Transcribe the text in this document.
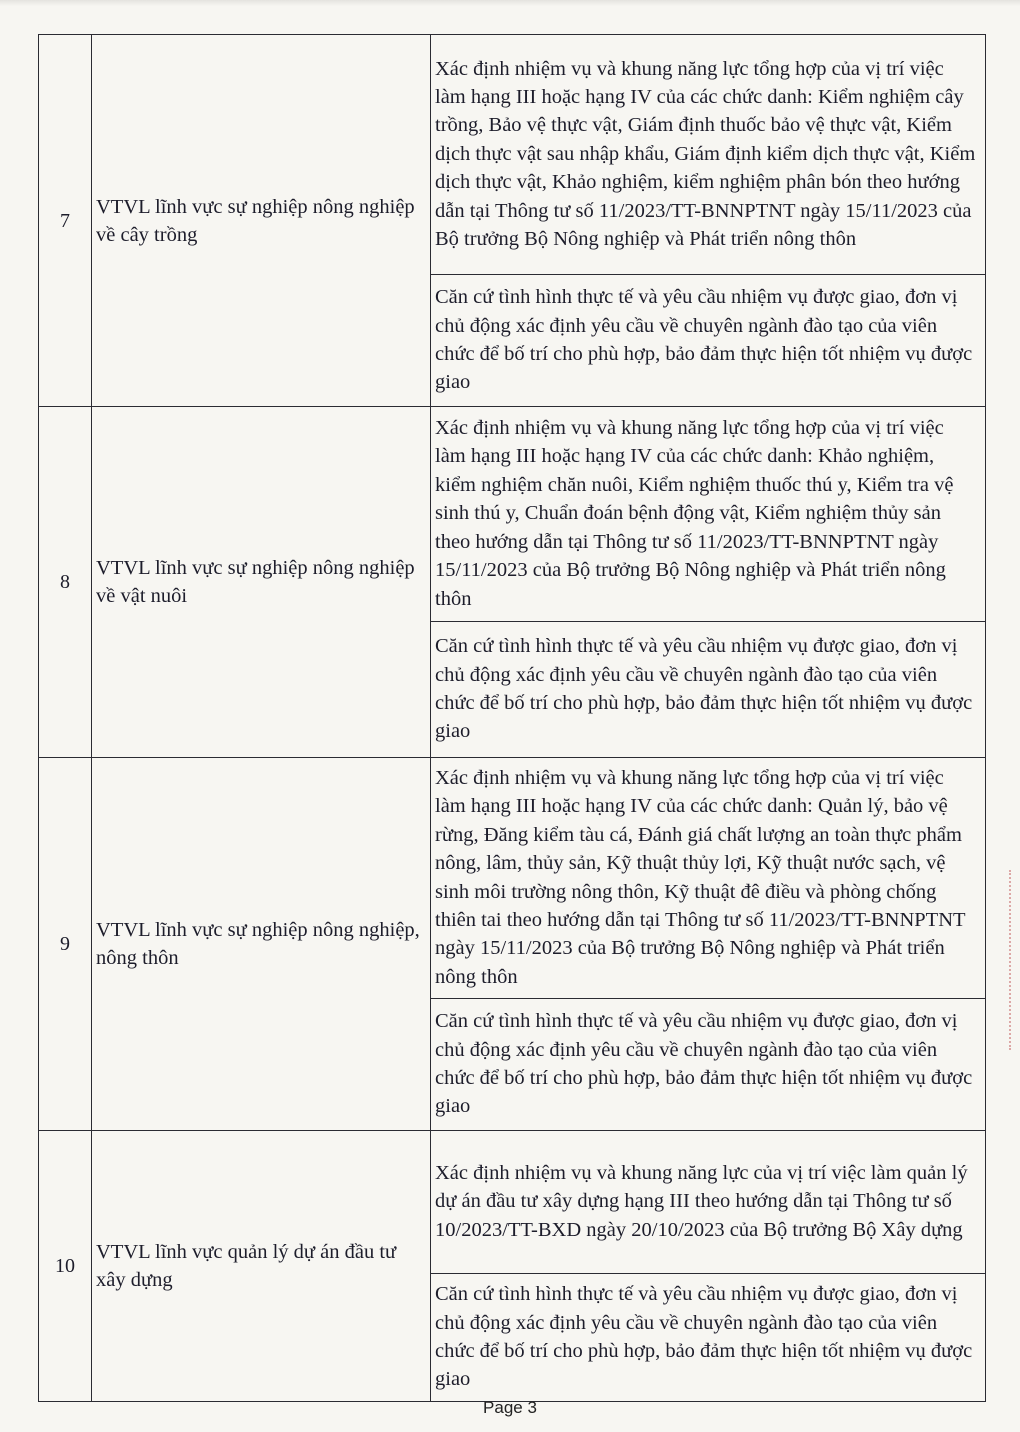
7	VTVL lĩnh vực sự nghiệp nông nghiệp về cây trồng	Xác định nhiệm vụ và khung năng lực tổng hợp của vị trí việc làm hạng III hoặc hạng IV của các chức danh: Kiểm nghiệm cây trồng, Bảo vệ thực vật, Giám định thuốc bảo vệ thực vật, Kiểm dịch thực vật sau nhập khẩu, Giám định kiểm dịch thực vật, Kiểm dịch thực vật, Khảo nghiệm, kiểm nghiệm phân bón theo hướng dẫn tại Thông tư số 11/2023/TT-BNNPTNT ngày 15/11/2023 của Bộ trưởng Bộ Nông nghiệp và Phát triển nông thôn
		Căn cứ tình hình thực tế và yêu cầu nhiệm vụ được giao, đơn vị chủ động xác định yêu cầu về chuyên ngành đào tạo của viên chức để bố trí cho phù hợp, bảo đảm thực hiện tốt nhiệm vụ được giao
8	VTVL lĩnh vực sự nghiệp nông nghiệp về vật nuôi	Xác định nhiệm vụ và khung năng lực tổng hợp của vị trí việc làm hạng III hoặc hạng IV của các chức danh: Khảo nghiệm, kiểm nghiệm chăn nuôi, Kiểm nghiệm thuốc thú y, Kiểm tra vệ sinh thú y, Chuẩn đoán bệnh động vật, Kiểm nghiệm thủy sản theo hướng dẫn tại Thông tư số 11/2023/TT-BNNPTNT ngày 15/11/2023 của Bộ trưởng Bộ Nông nghiệp và Phát triển nông thôn
		Căn cứ tình hình thực tế và yêu cầu nhiệm vụ được giao, đơn vị chủ động xác định yêu cầu về chuyên ngành đào tạo của viên chức để bố trí cho phù hợp, bảo đảm thực hiện tốt nhiệm vụ được giao
9	VTVL lĩnh vực sự nghiệp nông nghiệp, nông thôn	Xác định nhiệm vụ và khung năng lực tổng hợp của vị trí việc làm hạng III hoặc hạng IV của các chức danh: Quản lý, bảo vệ rừng, Đăng kiểm tàu cá, Đánh giá chất lượng an toàn thực phẩm nông, lâm, thủy sản, Kỹ thuật thủy lợi, Kỹ thuật nước sạch, vệ sinh môi trường nông thôn, Kỹ thuật đê điều và phòng chống thiên tai theo hướng dẫn tại Thông tư số 11/2023/TT-BNNPTNT ngày 15/11/2023 của Bộ trưởng Bộ Nông nghiệp và Phát triển nông thôn
		Căn cứ tình hình thực tế và yêu cầu nhiệm vụ được giao, đơn vị chủ động xác định yêu cầu về chuyên ngành đào tạo của viên chức để bố trí cho phù hợp, bảo đảm thực hiện tốt nhiệm vụ được giao
10	VTVL lĩnh vực quản lý dự án đầu tư xây dựng	Xác định nhiệm vụ và khung năng lực của vị trí việc làm quản lý dự án đầu tư xây dựng hạng III theo hướng dẫn tại Thông tư số 10/2023/TT-BXD ngày 20/10/2023 của Bộ trưởng Bộ Xây dựng
		Căn cứ tình hình thực tế và yêu cầu nhiệm vụ được giao, đơn vị chủ động xác định yêu cầu về chuyên ngành đào tạo của viên chức để bố trí cho phù hợp, bảo đảm thực hiện tốt nhiệm vụ được giao
Page 3
